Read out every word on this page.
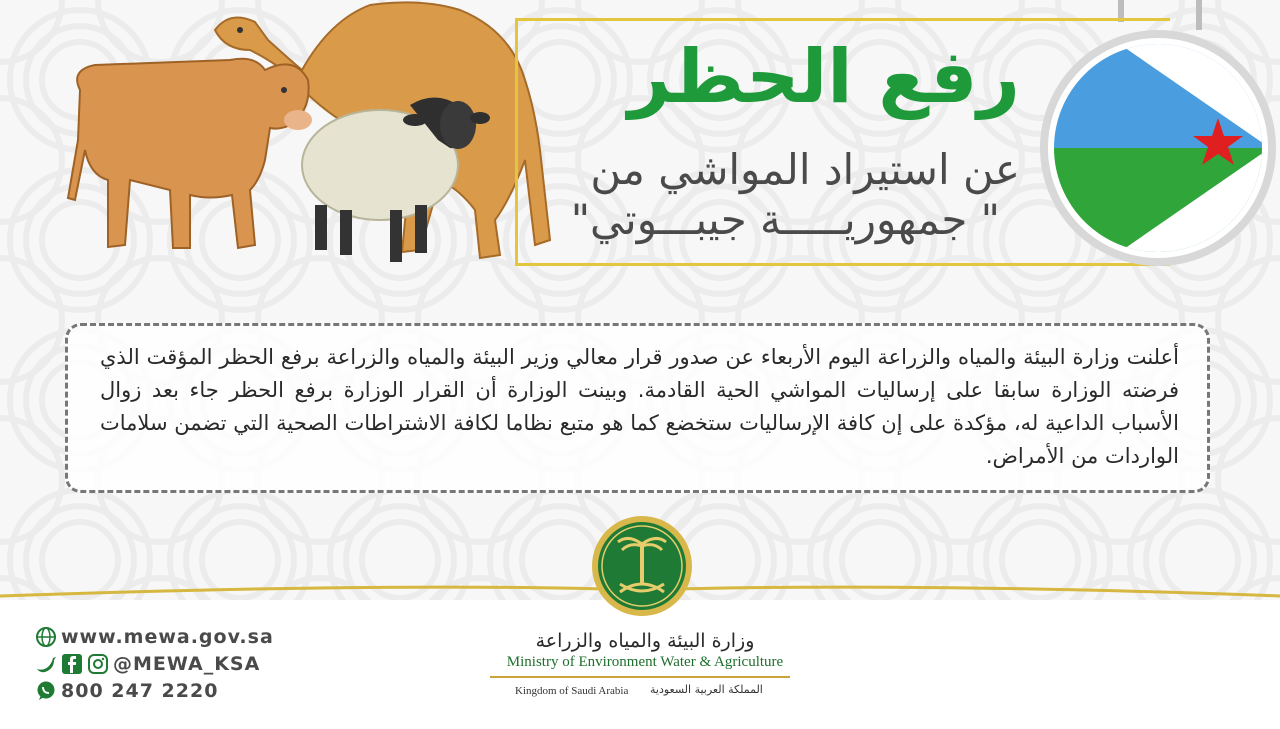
رفع الحظر
عن استيراد المواشي من
" جمهوريـــــة جيبـــوتي"

أعلنت وزارة البيئة والمياه والزراعة اليوم الأربعاء عن صدور قرار معالي وزير البيئة والمياه والزراعة برفع الحظر المؤقت الذي فرضته الوزارة سابقا على إرساليات المواشي الحية القادمة. وبينت الوزارة أن القرار الوزارة برفع الحظر جاء بعد زوال الأسباب الداعية له، مؤكدة على إن كافة الإرساليات ستخضع كما هو متبع نظاما لكافة الاشتراطات الصحية التي تضمن سلامات الواردات من الأمراض.

www.mewa.gov.sa
@MEWA_KSA
800 247 2220
وزارة البيئة والمياه والزراعة
Ministry of Environment Water & Agriculture
Kingdom of Saudi Arabia المملكة العربية السعودية
